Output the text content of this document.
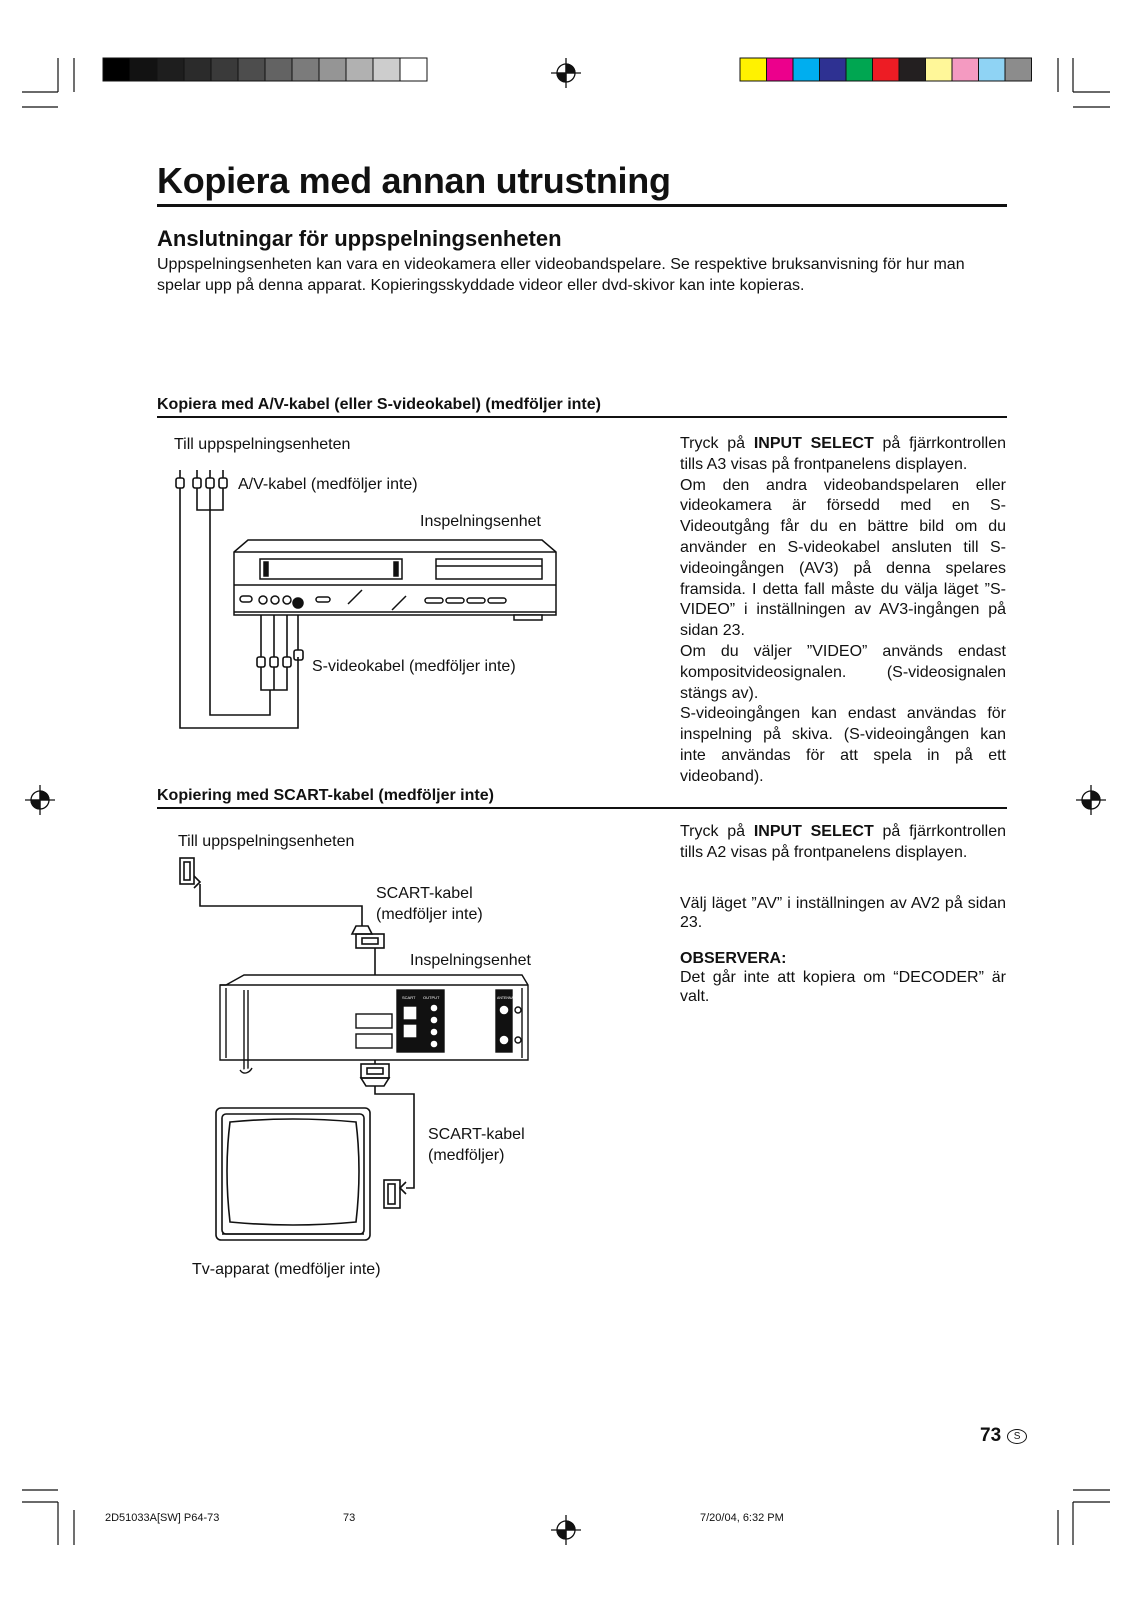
Kopiera med annan utrustning
Anslutningar för uppspelningsenheten

Uppspelningsenheten kan vara en videokamera eller videobandspelare. Se respektive bruksanvisning för hur man spelar upp på denna apparat. Kopieringsskyddade videor eller dvd-skivor kan inte kopieras.

Kopiera med A/V-kabel (eller S-videokabel) (medföljer inte)
Till uppspelningsenheten
A/V-kabel (medföljer inte)
Inspelningsenhet
S-videokabel (medföljer inte)

Tryck på INPUT SELECT på fjärrkontrollen tills A3 visas på frontpanelens displayen.

Om den andra videobandspelaren eller videokamera är försedd med en S-Videoutgång får du en bättre bild om du använder en S-videokabel ansluten till S-videoingången (AV3) på denna spelares framsida. I detta fall måste du välja läget ”S-VIDEO” i inställningen av AV3-ingången på sidan 23.

Om du väljer ”VIDEO” används endast kompositvideosignalen. (S-videosignalen stängs av).

S-videoingången kan endast användas för inspelning på skiva. (S-videoingången kan inte användas för att spela in på ett videoband).

Kopiering med SCART-kabel (medföljer inte)
Till uppspelningsenheten
SCART-kabel
(medföljer inte)
Inspelningsenhet
SCART-kabel
(medföljer)
Tv-apparat (medföljer inte)
SCART OUTPUT	ANTENNA

Tryck på INPUT SELECT på fjärrkontrollen tills A2 visas på frontpanelens displayen.

Välj läget ”AV” i inställningen av AV2 på sidan 23.

OBSERVERA:

Det går inte att kopiera om “DECODER” är valt.

73 S
2D51033A[SW] P64-73	73	7/20/04, 6:32 PM
